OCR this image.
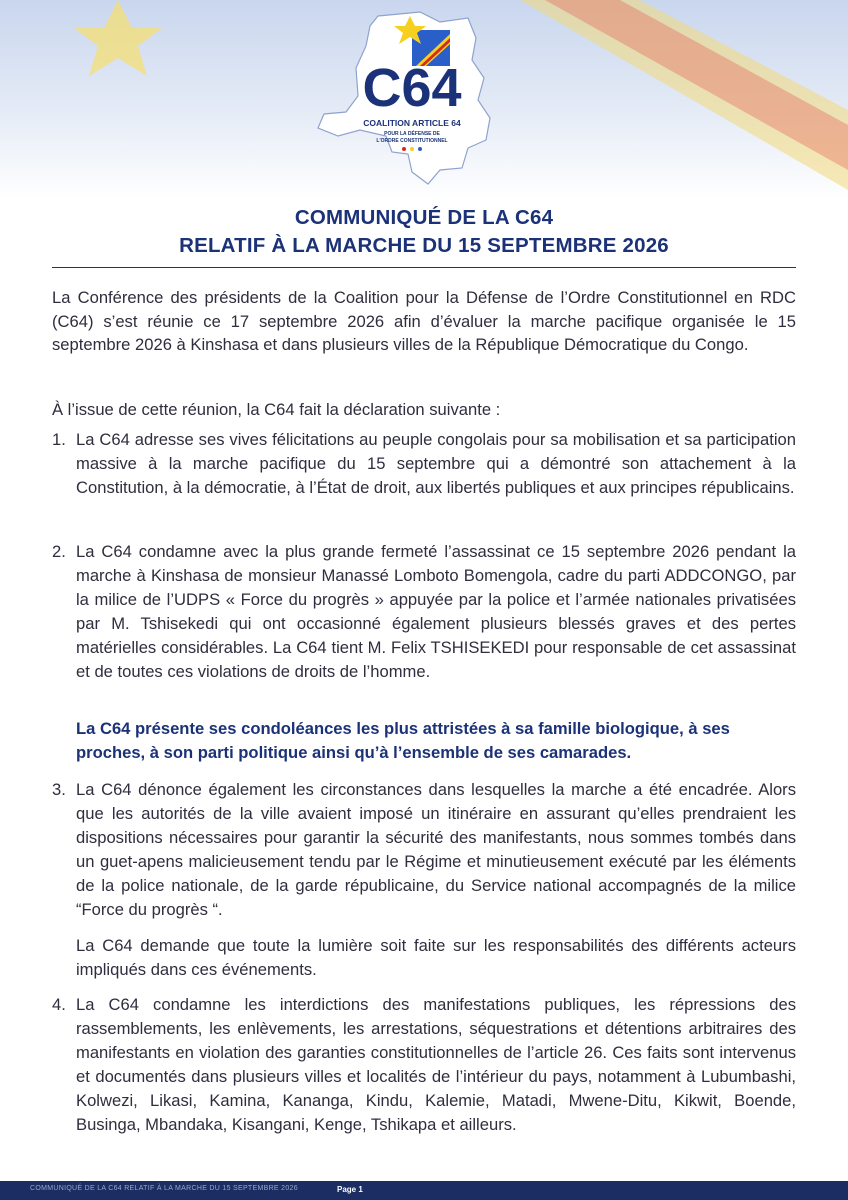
C64
COALITION ARTICLE 64
POUR LA DÉFENSE DE
L'ORDRE CONSTITUTIONNEL
COMMUNIQUÉ DE LA C64
RELATIF À LA MARCHE DU 15 SEPTEMBRE 2026
La Conférence des présidents de la Coalition pour la Défense de l’Ordre Constitutionnel en RDC (C64) s’est réunie ce 17 septembre 2026 afin d’évaluer la marche pacifique organisée le 15 septembre 2026 à Kinshasa et dans plusieurs villes de la République Démocratique du Congo.
À l’issue de cette réunion, la C64 fait la déclaration suivante :
1. La C64 adresse ses vives félicitations au peuple congolais pour sa mobilisation et sa participation massive à la marche pacifique du 15 septembre qui a démontré son attachement à la Constitution, à la démocratie, à l’État de droit, aux libertés publiques et aux principes républicains.
2. La C64 condamne avec la plus grande fermeté l’assassinat ce 15 septembre 2026 pendant la marche à Kinshasa de monsieur Manassé Lomboto Bomengola, cadre du parti ADDCONGO, par la milice de l’UDPS « Force du progrès » appuyée par la police et l’armée nationales privatisées par M. Tshisekedi qui ont occasionné également plusieurs blessés graves et des pertes matérielles considérables. La C64 tient M. Felix TSHISEKEDI pour responsable de cet assassinat et de toutes ces violations de droits de l’homme.
La C64 présente ses condoléances les plus attristées à sa famille biologique, à ses proches, à son parti politique ainsi qu’à l’ensemble de ses camarades.
3. La C64 dénonce également les circonstances dans lesquelles la marche a été encadrée. Alors que les autorités de la ville avaient imposé un itinéraire en assurant qu’elles prendraient les dispositions nécessaires pour garantir la sécurité des manifestants, nous sommes tombés dans un guet-apens malicieusement tendu par le Régime et minutieusement exécuté par les éléments de la police nationale, de la garde républicaine, du Service national accompagnés de la milice “Force du progrès “.
La C64 demande que toute la lumière soit faite sur les responsabilités des différents acteurs impliqués dans ces événements.
4. La C64 condamne les interdictions des manifestations publiques, les répressions des rassemblements, les enlèvements, les arrestations, séquestrations et détentions arbitraires des manifestants en violation des garanties constitutionnelles de l’article 26. Ces faits sont intervenus et documentés dans plusieurs villes et localités de l’intérieur du pays, notamment à Lubumbashi, Kolwezi, Likasi, Kamina, Kananga, Kindu, Kalemie, Matadi, Mwene-Ditu, Kikwit, Boende, Businga, Mbandaka, Kisangani, Kenge, Tshikapa et ailleurs.
COMMUNIQUÉ DE LA C64 RELATIF À LA MARCHE DU 15 SEPTEMBRE 2026	Page 1
